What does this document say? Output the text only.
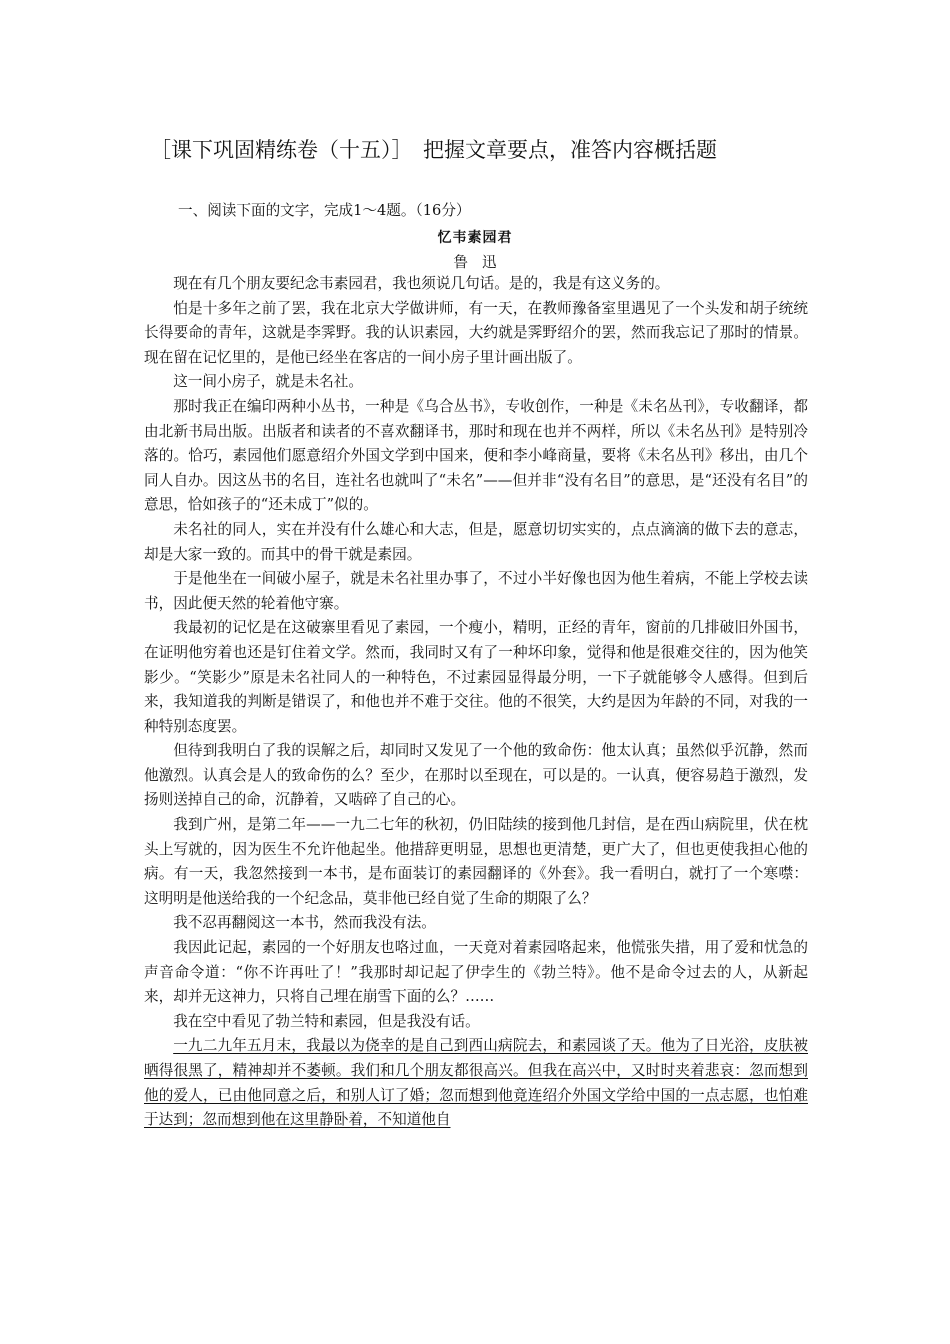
［课下巩固精练卷（十五）］　把握文章要点，准答内容概括题
一、阅读下面的文字，完成1～4题。（16分）
忆韦素园君
鲁迅

现在有几个朋友要纪念韦素园君，我也须说几句话。是的，我是有这义务的。

怕是十多年之前了罢，我在北京大学做讲师，有一天，在教师豫备室里遇见了一个头发和胡子统统长得要命的青年，这就是李霁野。我的认识素园，大约就是霁野绍介的罢，然而我忘记了那时的情景。现在留在记忆里的，是他已经坐在客店的一间小房子里计画出版了。

这一间小房子，就是未名社。

那时我正在编印两种小丛书，一种是《乌合丛书》，专收创作，一种是《未名丛刊》，专收翻译，都由北新书局出版。出版者和读者的不喜欢翻译书，那时和现在也并不两样，所以《未名丛刊》是特别冷落的。恰巧，素园他们愿意绍介外国文学到中国来，便和李小峰商量，要将《未名丛刊》移出，由几个同人自办。因这丛书的名目，连社名也就叫了“未名”——但并非“没有名目”的意思，是“还没有名目”的意思，恰如孩子的“还未成丁”似的。

未名社的同人，实在并没有什么雄心和大志，但是，愿意切切实实的，点点滴滴的做下去的意志，却是大家一致的。而其中的骨干就是素园。

于是他坐在一间破小屋子，就是未名社里办事了，不过小半好像也因为他生着病，不能上学校去读书，因此便天然的轮着他守寨。

我最初的记忆是在这破寨里看见了素园，一个瘦小，精明，正经的青年，窗前的几排破旧外国书，在证明他穷着也还是钉住着文学。然而，我同时又有了一种坏印象，觉得和他是很难交往的，因为他笑影少。“笑影少”原是未名社同人的一种特色，不过素园显得最分明，一下子就能够令人感得。但到后来，我知道我的判断是错误了，和他也并不难于交往。他的不很笑，大约是因为年龄的不同，对我的一种特别态度罢。

但待到我明白了我的误解之后，却同时又发见了一个他的致命伤：他太认真；虽然似乎沉静，然而他激烈。认真会是人的致命伤的么？至少，在那时以至现在，可以是的。一认真，便容易趋于激烈，发扬则送掉自己的命，沉静着，又啮碎了自己的心。

我到广州，是第二年——一九二七年的秋初，仍旧陆续的接到他几封信，是在西山病院里，伏在枕头上写就的，因为医生不允许他起坐。他措辞更明显，思想也更清楚，更广大了，但也更使我担心他的病。有一天，我忽然接到一本书，是布面装订的素园翻译的《外套》。我一看明白，就打了一个寒噤：这明明是他送给我的一个纪念品，莫非他已经自觉了生命的期限了么？

我不忍再翻阅这一本书，然而我没有法。

我因此记起，素园的一个好朋友也咯过血，一天竟对着素园咯起来，他慌张失措，用了爱和忧急的声音命令道：“你不许再吐了！”我那时却记起了伊孛生的《勃兰特》。他不是命令过去的人，从新起来，却并无这神力，只将自己埋在崩雪下面的么？……

我在空中看见了勃兰特和素园，但是我没有话。

一九二九年五月末，我最以为侥幸的是自己到西山病院去，和素园谈了天。他为了日光浴，皮肤被晒得很黑了，精神却并不萎顿。我们和几个朋友都很高兴。但我在高兴中，又时时夹着悲哀：忽而想到他的爱人，已由他同意之后，和别人订了婚；忽而想到他竟连绍介外国文学给中国的一点志愿，也怕难于达到；忽而想到他在这里静卧着，不知道他自
